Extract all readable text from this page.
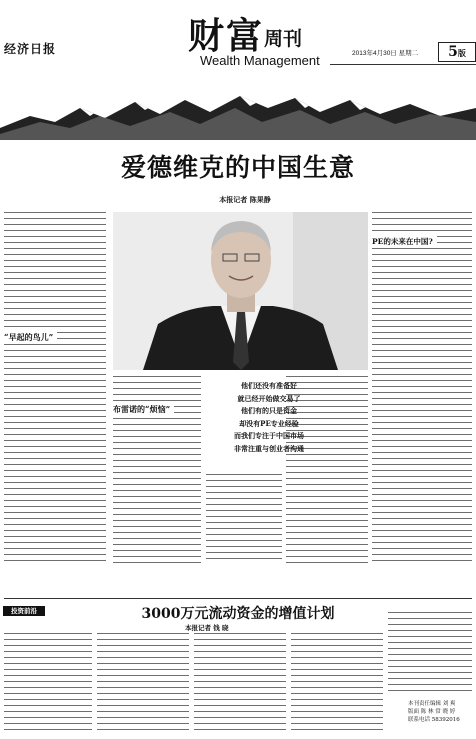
经济日报	财富 周刊
Wealth Management	2013年4月30日 星期二	5版
爱德维克的中国生意
本报记者 陈果静
“早起的鸟儿”
PE的未来在中国?
布雷诺的“烦恼”
他们还没有准备好
就已经开始做交易了
他们有的只是资金
却没有PE专业经验
而我们专注于中国市场
非常注重与创业者沟通
投资前沿	3000万元流动资金的增值计划
本报记者 钱 晓
本刊责任编辑 刘 爽
版面 陈 林 常 晓 婷
联系电话 58392016
